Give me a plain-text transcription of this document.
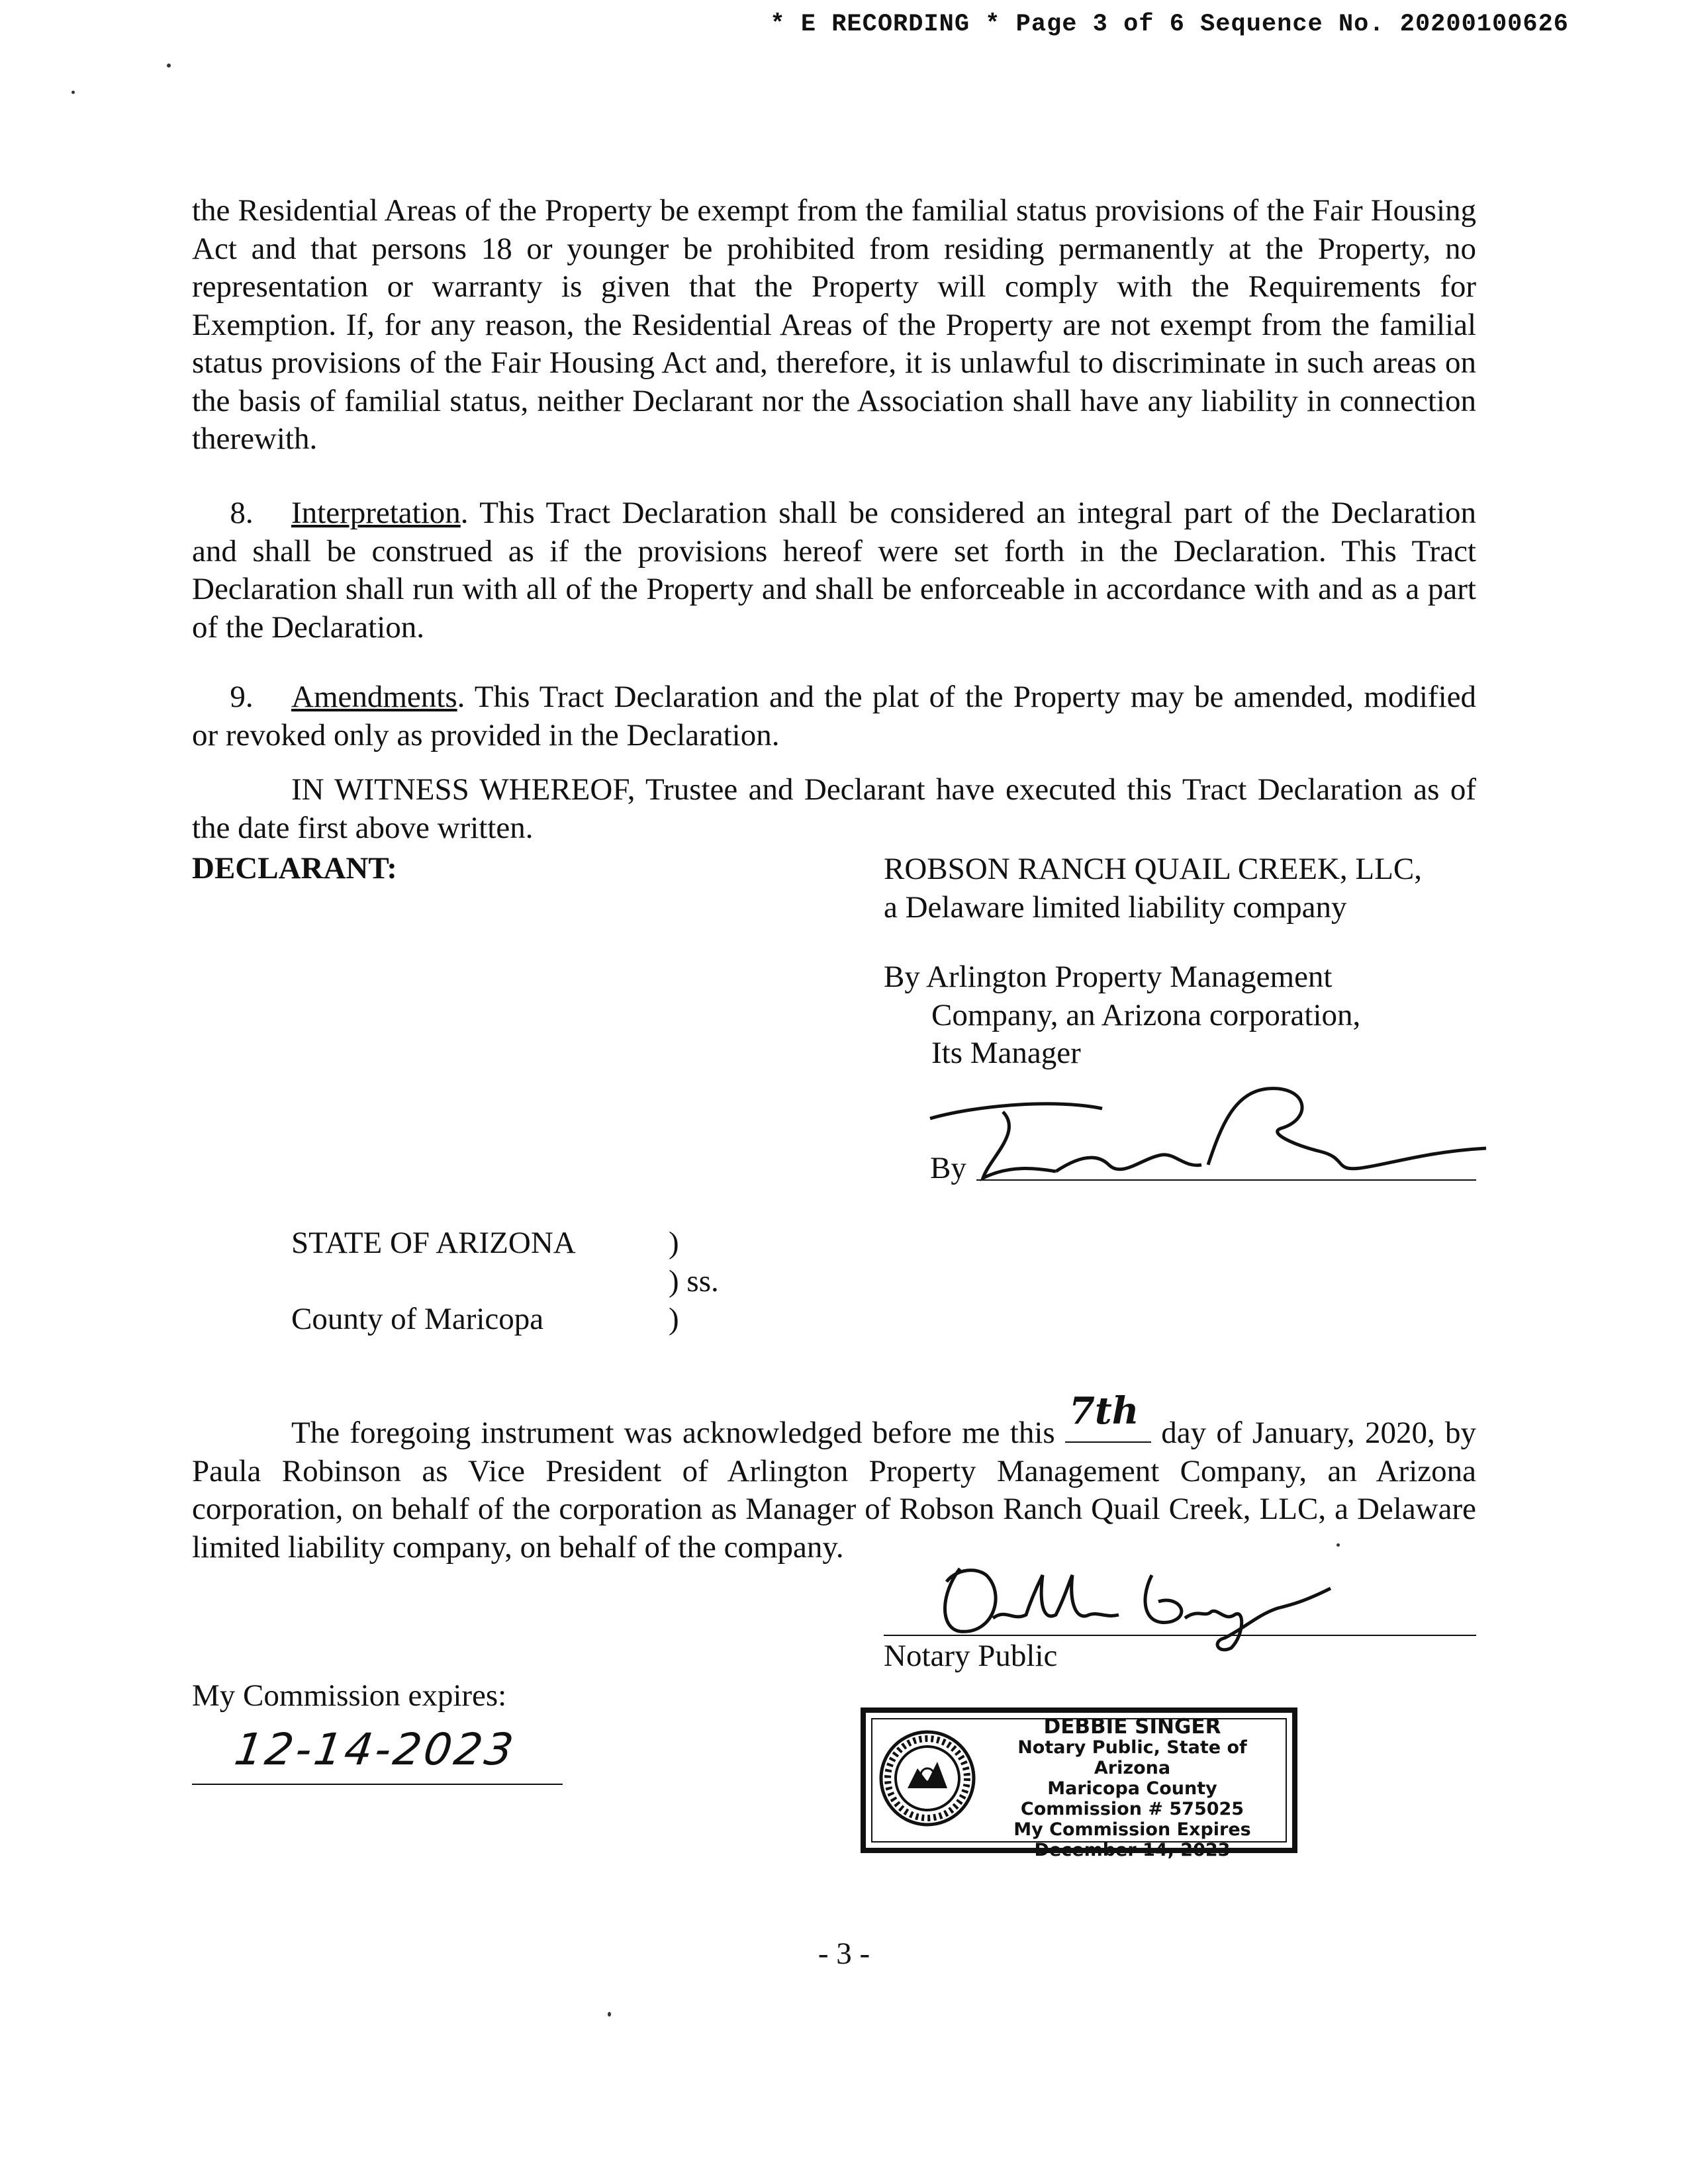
* E RECORDING * Page 3 of 6 Sequence No. 20200100626
the Residential Areas of the Property be exempt from the familial status provisions of the Fair Housing Act and that persons 18 or younger be prohibited from residing permanently at the Property, no representation or warranty is given that the Property will comply with the Requirements for Exemption. If, for any reason, the Residential Areas of the Property are not exempt from the familial status provisions of the Fair Housing Act and, therefore, it is unlawful to discriminate in such areas on the basis of familial status, neither Declarant nor the Association shall have any liability in connection therewith.
8. Interpretation. This Tract Declaration shall be considered an integral part of the Declaration and shall be construed as if the provisions hereof were set forth in the Declaration. This Tract Declaration shall run with all of the Property and shall be enforceable in accordance with and as a part of the Declaration.
9. Amendments. This Tract Declaration and the plat of the Property may be amended, modified or revoked only as provided in the Declaration.
IN WITNESS WHEREOF, Trustee and Declarant have executed this Tract Declaration as of the date first above written.
DECLARANT:	ROBSON RANCH QUAIL CREEK, LLC,
a Delaware limited liability company
By Arlington Property Management
Company, an Arizona corporation,
Its Manager
By
STATE OF ARIZONA
County of Maricopa
)
) ss.
)
The foregoing instrument was acknowledged before me this 7th day of January, 2020, by Paula Robinson as Vice President of Arlington Property Management Company, an Arizona corporation, on behalf of the corporation as Manager of Robson Ranch Quail Creek, LLC, a Delaware limited liability company, on behalf of the company.
Notary Public
My Commission expires:
12-14-2023	DEBBIE SINGER
Notary Public, State of Arizona
Maricopa County
Commission # 575025
My Commission Expires
December 14, 2023
- 3 -
